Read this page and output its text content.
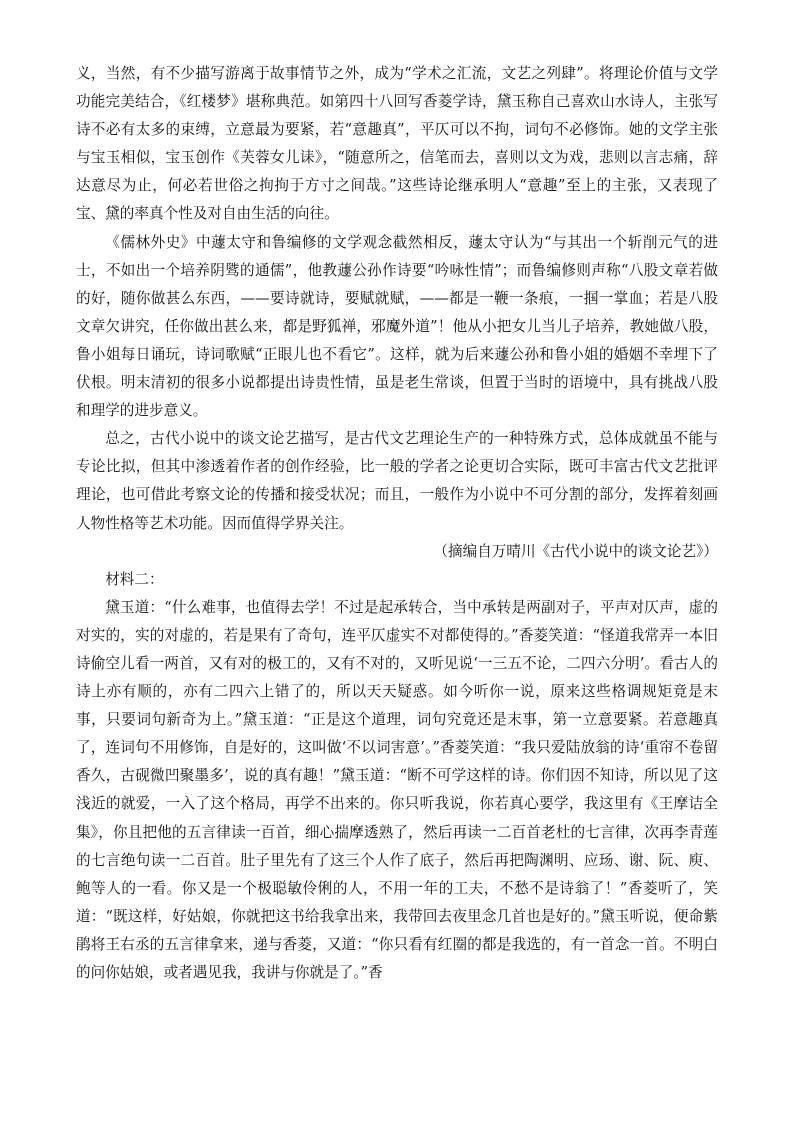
义，当然，有不少描写游离于故事情节之外，成为“学术之汇流，文艺之列肆”。将理论价值与文学功能完美结合，《红楼梦》堪称典范。如第四十八回写香菱学诗，黛玉称自己喜欢山水诗人，主张写诗不必有太多的束缚，立意最为要紧，若“意趣真”，平仄可以不拘，词句不必修饰。她的文学主张与宝玉相似，宝玉创作《芙蓉女儿诔》，“随意所之，信笔而去，喜则以文为戏，悲则以言志痛，辞达意尽为止，何必若世俗之拘拘于方寸之间哉。”这些诗论继承明人“意趣”至上的主张，又表现了宝、黛的率真个性及对自由生活的向往。

《儒林外史》中蘧太守和鲁编修的文学观念截然相反，蘧太守认为“与其出一个斩削元气的进士，不如出一个培养阴骘的通儒”，他教蘧公孙作诗要“吟咏性情”；而鲁编修则声称“八股文章若做的好，随你做甚么东西，——要诗就诗，要赋就赋，——都是一鞭一条痕，一掴一掌血；若是八股文章欠讲究，任你做出甚么来，都是野狐禅，邪魔外道”！他从小把女儿当儿子培养，教她做八股，鲁小姐每日诵玩，诗词歌赋“正眼儿也不看它”。这样，就为后来蘧公孙和鲁小姐的婚姻不幸埋下了伏根。明末清初的很多小说都提出诗贵性情，虽是老生常谈，但置于当时的语境中，具有挑战八股和理学的进步意义。

总之，古代小说中的谈文论艺描写，是古代文艺理论生产的一种特殊方式，总体成就虽不能与专论比拟，但其中渗透着作者的创作经验，比一般的学者之论更切合实际，既可丰富古代文艺批评理论，也可借此考察文论的传播和接受状况；而且，一般作为小说中不可分割的部分，发挥着刻画人物性格等艺术功能。因而值得学界关注。

（摘编自万晴川《古代小说中的谈文论艺》）

材料二：

黛玉道：“什么难事，也值得去学！不过是起承转合，当中承转是两副对子，平声对仄声，虚的对实的，实的对虚的，若是果有了奇句，连平仄虚实不对都使得的。”香菱笑道：“怪道我常弄一本旧诗偷空儿看一两首，又有对的极工的，又有不对的，又听见说‘一三五不论，二四六分明’。看古人的诗上亦有顺的，亦有二四六上错了的，所以天天疑惑。如今听你一说，原来这些格调规矩竟是末事，只要词句新奇为上。”黛玉道：“正是这个道理，词句究竟还是末事，第一立意要紧。若意趣真了，连词句不用修饰，自是好的，这叫做‘不以词害意’。”香菱笑道：“我只爱陆放翁的诗‘重帘不卷留香久，古砚微凹聚墨多’，说的真有趣！”黛玉道：“断不可学这样的诗。你们因不知诗，所以见了这浅近的就爱，一入了这个格局，再学不出来的。你只听我说，你若真心要学，我这里有《王摩诘全集》，你且把他的五言律读一百首，细心揣摩透熟了，然后再读一二百首老杜的七言律，次再李青莲的七言绝句读一二百首。肚子里先有了这三个人作了底子，然后再把陶渊明、应玚、谢、阮、庾、鲍等人的一看。你又是一个极聪敏伶俐的人，不用一年的工夫，不愁不是诗翁了！”香菱听了，笑道：“既这样，好姑娘，你就把这书给我拿出来，我带回去夜里念几首也是好的。”黛玉听说，便命紫鹃将王右丞的五言律拿来，递与香菱，又道：“你只看有红圈的都是我选的，有一首念一首。不明白的问你姑娘，或者遇见我，我讲与你就是了。”香
